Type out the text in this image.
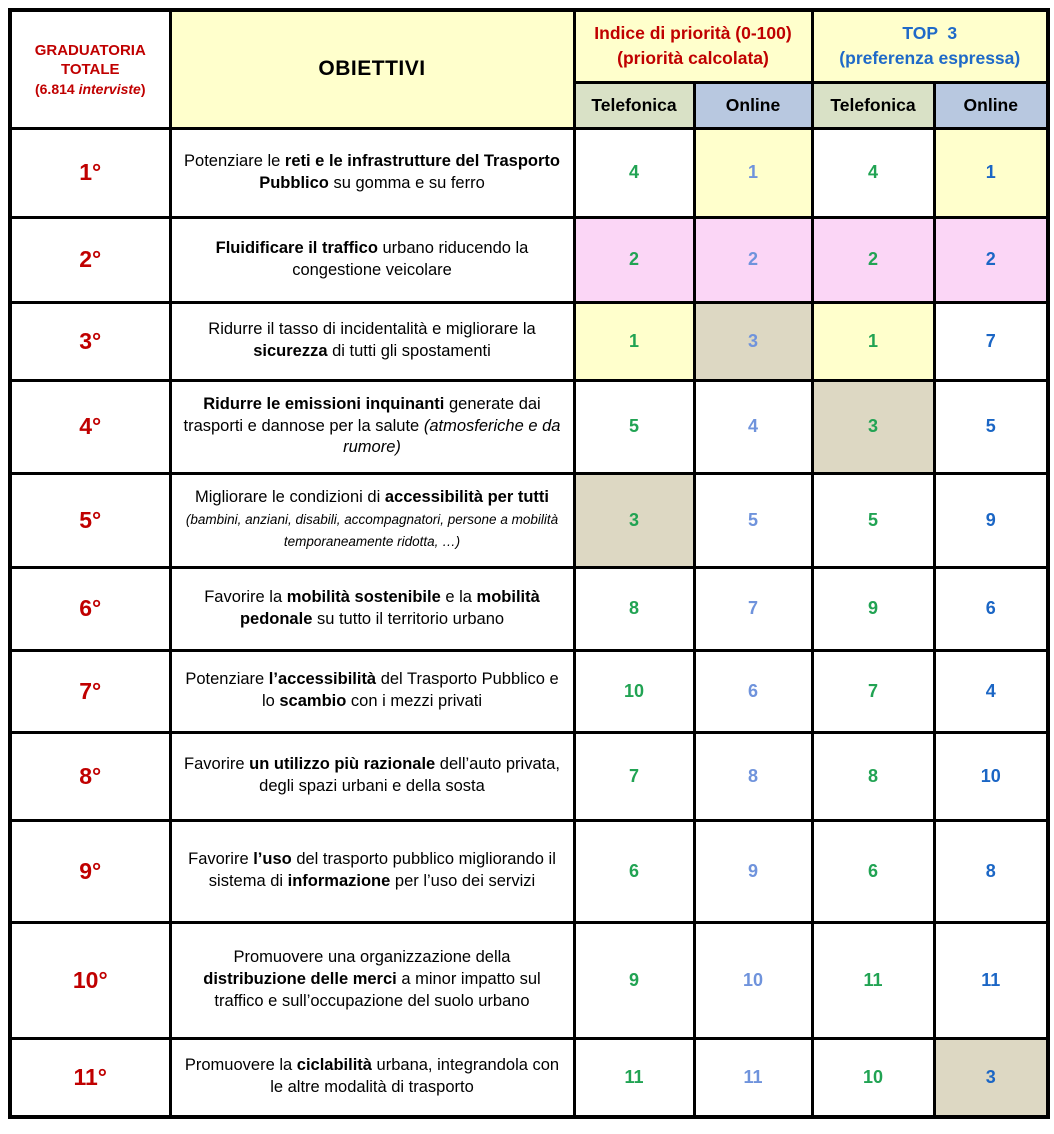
GRADUATORIA
TOTALE
(6.814 interviste)
	OBIETTIVI	
Indice di priorità (0-100)
(priorità calcolata)

TOP  3
(preferenza espressa)

		Telefonica	Online	Telefonica	Online
1°	Potenziare le reti e le infrastrutture del Trasporto Pubblico su gomma e su ferro	4	1	4	1
2°	Fluidificare il traffico urbano riducendo la congestione veicolare	2	2	2	2
3°	Ridurre il tasso di incidentalità e migliorare la sicurezza di tutti gli spostamenti	1	3	1	7
4°	Ridurre le emissioni inquinanti generate dai trasporti e dannose per la salute (atmosferiche e da rumore)	5	4	3	5
5°	Migliorare le condizioni di accessibilità per tutti (bambini, anziani, disabili, accompagnatori, persone a mobilità temporaneamente ridotta, …)	3	5	5	9
6°	Favorire la mobilità sostenibile e la mobilità pedonale su tutto il territorio urbano	8	7	9	6
7°	Potenziare l’accessibilità del Trasporto Pubblico e lo scambio con i mezzi privati	10	6	7	4
8°	Favorire un utilizzo più razionale dell’auto privata, degli spazi urbani e della sosta	7	8	8	10
9°	Favorire l’uso del trasporto pubblico migliorando il sistema di informazione per l’uso dei servizi	6	9	6	8
10°	Promuovere una organizzazione della distribuzione delle merci a minor impatto sul traffico e sull’occupazione del suolo urbano	9	10	11	11
11°	Promuovere la ciclabilità urbana, integrandola con le altre modalità di trasporto	11	11	10	3
